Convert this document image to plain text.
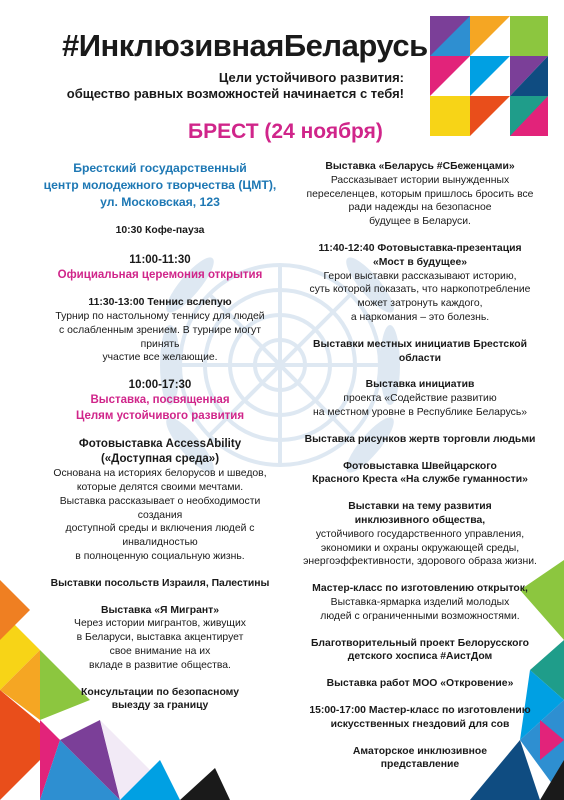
#ИнклюзивнаяБеларусь
Цели устойчивого развития:
общество равных возможностей начинается с тебя!
БРЕСТ (24 ноября)
Брестский государственный
центр молодежного творчества (ЦМТ),
ул. Московская, 123
10:30 Кофе-пауза
11:00-11:30
Официальная церемония открытия
11:30-13:00 Теннис вслепую
Турнир по настольному теннису для людей
с ослабленным зрением. В турнире могут принять
участие все желающие.
10:00-17:30
Выставка, посвященная
Целям устойчивого развития
Фотовыставка AccessAbility
(«Доступная среда»)
Основана на историях белорусов и шведов,
которые делятся своими мечтами.
Выставка рассказывает о необходимости создания
доступной среды и включения людей с инвалидностью
в полноценную социальную жизнь.
Выставки посольств Израиля, Палестины
Выставка «Я Мигрант»
Через истории мигрантов, живущих
в Беларуси, выставка акцентирует
свое внимание на их
вкладе в развитие общества.
Консультации по безопасному
выезду за границу
Выставка «Беларусь #СБеженцами»
Рассказывает истории вынужденных
переселенцев, которым пришлось бросить все
ради надежды на безопасное
будущее в Беларуси.
11:40-12:40 Фотовыставка-презентация
«Мост в будущее»
Герои выставки рассказывают историю,
суть которой показать, что наркопотребление
может затронуть каждого,
а наркомания – это болезнь.
Выставки местных инициатив Брестской области
Выставка инициатив
проекта «Содействие развитию
на местном уровне в Республике Беларусь»
Выставка рисунков жертв торговли людьми
Фотовыставка Швейцарского
Красного Креста «На службе гуманности»
Выставки на тему развития
инклюзивного общества,
устойчивого государственного управления,
экономики и охраны окружающей среды,
энергоэффективности, здорового образа жизни.
Мастер-класс по изготовлению открыток,
Выставка-ярмарка изделий молодых
людей с ограниченными возможностями.
Благотворительный проект Белорусского
детского хосписа #АистДом
Выставка работ МОО «Откровение»
15:00-17:00 Мастер-класс по изготовлению
искусственных гнездовий для сов
Аматорское инклюзивное
представление
